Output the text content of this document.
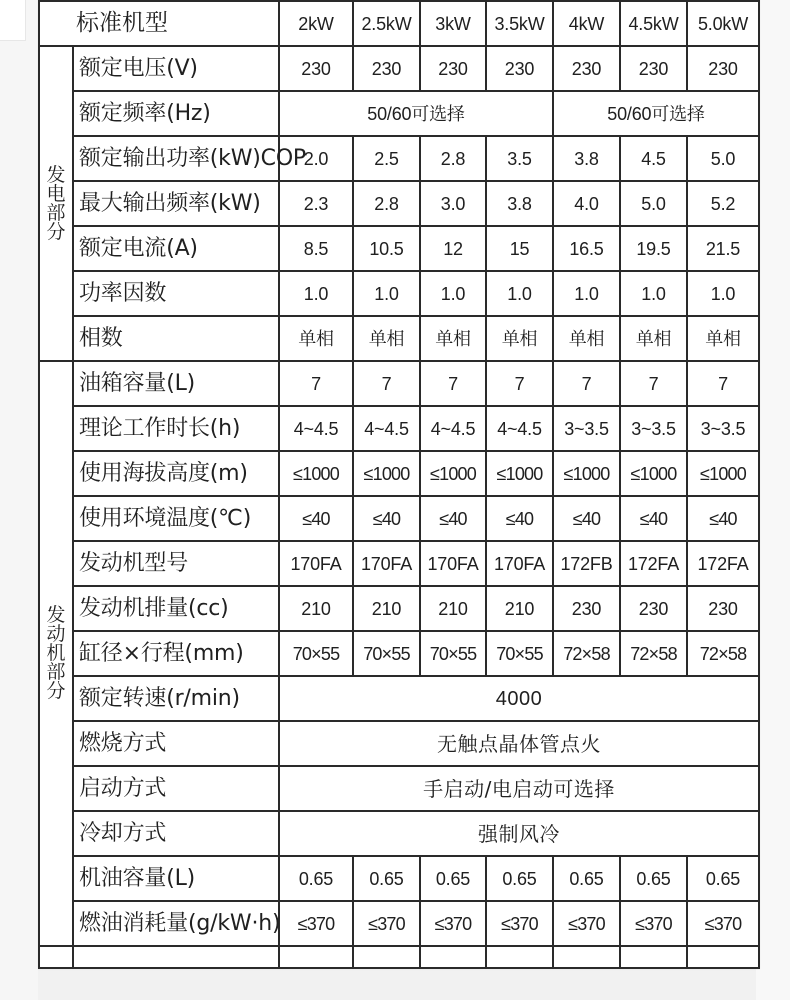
标准机型		2kW	2.5kW	3kW	3.5kW	4kW	4.5kW	5.0kW

发
电
部
分	额定电压(V)	230	230	230	230	230	230	230
	额定频率(Hz)	50/60可选择				50/60可选择		
	额定输出功率(kW)COP	2.0	2.5	2.8	3.5	3.8	4.5	5.0
	最大输出频率(kW)	2.3	2.8	3.0	3.8	4.0	5.0	5.2
	额定电流(A)	8.5	10.5	12	15	16.5	19.5	21.5
	功率因数	1.0	1.0	1.0	1.0	1.0	1.0	1.0
	相数	单相	单相	单相	单相	单相	单相	单相

发
动
机
部
分	油箱容量(L)	7	7	7	7	7	7	7
	理论工作时长(h)	4~4.5	4~4.5	4~4.5	4~4.5	3~3.5	3~3.5	3~3.5
	使用海拔高度(m)	≤1000	≤1000	≤1000	≤1000	≤1000	≤1000	≤1000
	使用环境温度(℃)	≤40	≤40	≤40	≤40	≤40	≤40	≤40
	发动机型号	170FA	170FA	170FA	170FA	172FB	172FA	172FA
	发动机排量(cc)	210	210	210	210	230	230	230
	缸径×行程(mm)	70×55	70×55	70×55	70×55	72×58	72×58	72×58
	额定转速(r/min)	4000						
	燃烧方式	无触点晶体管点火						
	启动方式	手启动/电启动可选择						
	冷却方式	强制风冷						
	机油容量(L)	0.65	0.65	0.65	0.65	0.65	0.65	0.65
	燃油消耗量(g/kW·h)	≤370	≤370	≤370	≤370	≤370	≤370	≤370
